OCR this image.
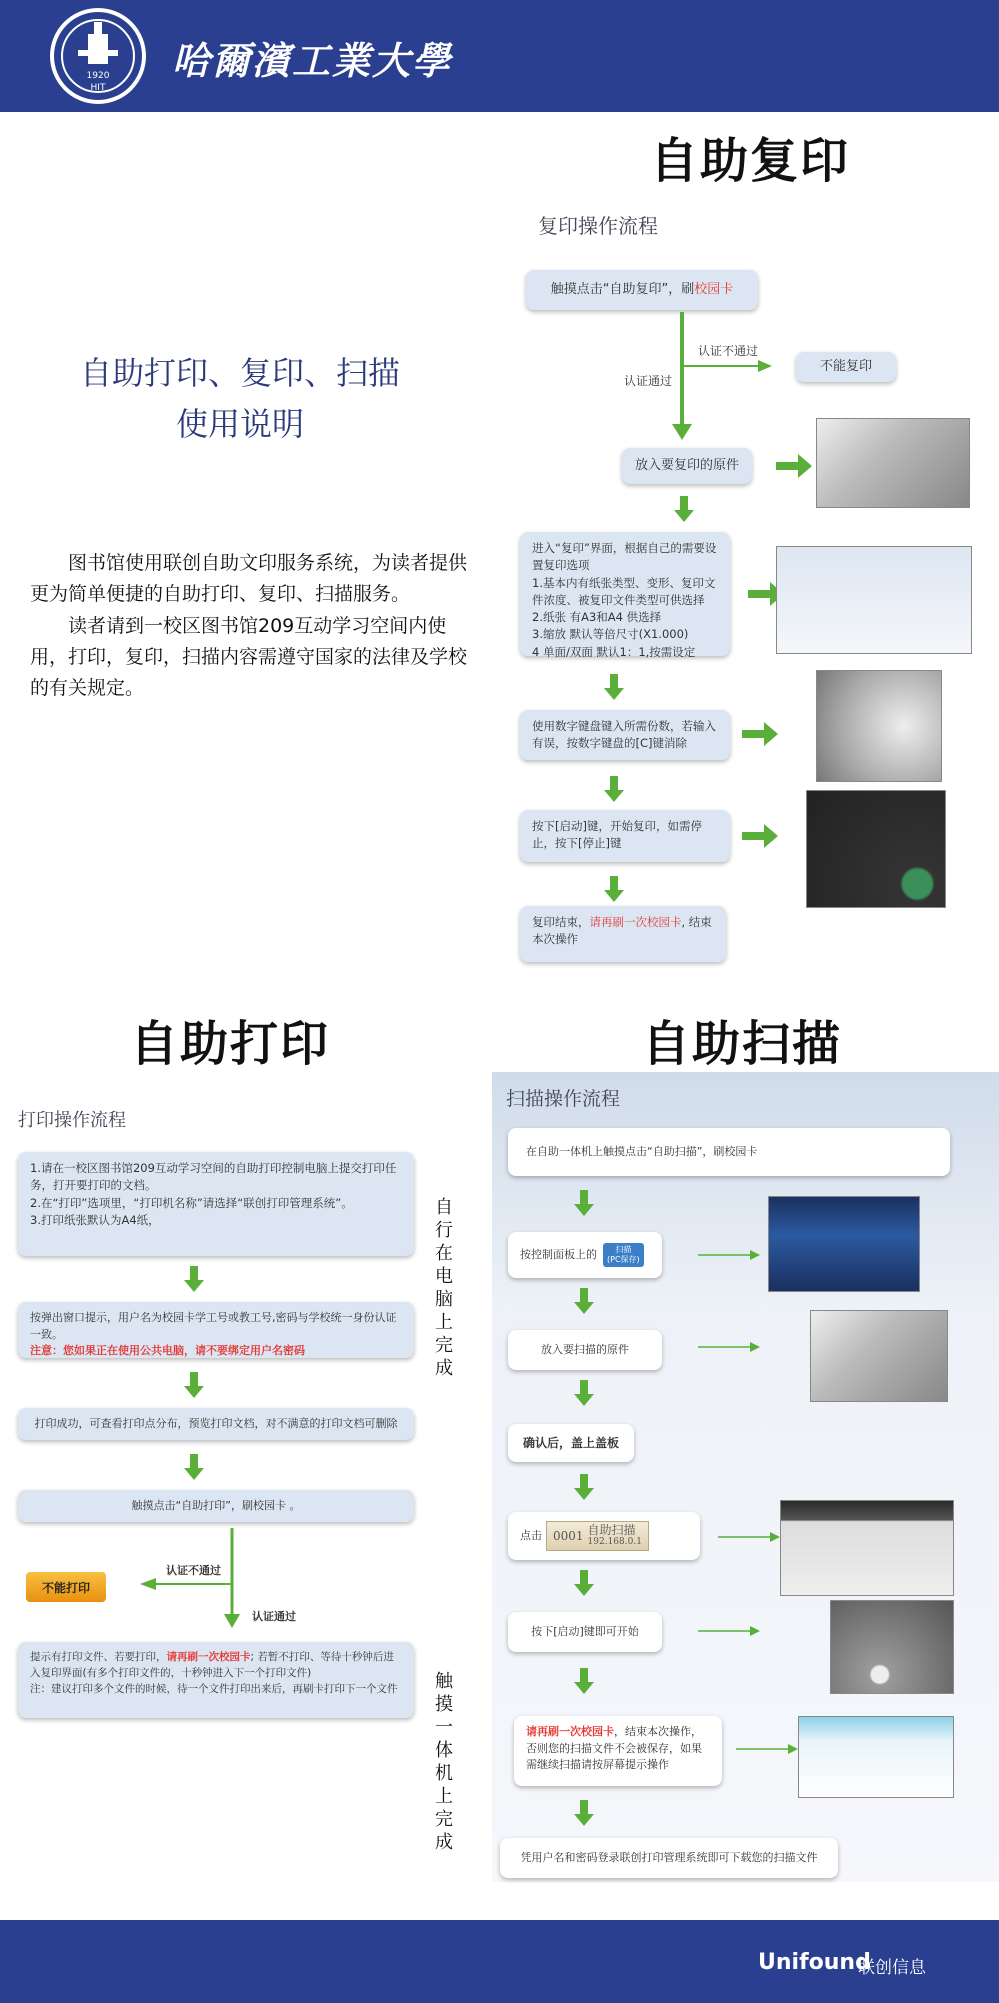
1920
HIT
哈爾濱工業大學
自助打印、复印、扫描
使用说明

图书馆使用联创自助文印服务系统，为读者提供更为简单便捷的自助打印、复印、扫描服务。

读者请到一校区图书馆209互动学习空间内使用，打印，复印，扫描内容需遵守国家的法律及学校的有关规定。

自助复印
复印操作流程
触摸点击“自助复印”，刷校园卡
认证不通过
认证通过
不能复印
放入要复印的原件
进入“复印”界面，根据自己的需要设置复印选项
1.基本内有纸张类型、变形、复印文件浓度、被复印文件类型可供选择
2.纸张 有A3和A4 供选择
3.缩放 默认等倍尺寸(X1.000)
4 单面/双面 默认1：1,按需设定
使用数字键盘键入所需份数，若输入有误，按数字键盘的[C]键消除
按下[启动]键，开始复印，如需停止，按下[停止]键
复印结束，请再刷一次校园卡, 结束本次操作
自助打印
打印操作流程
1.请在一校区图书馆209互动学习空间的自助打印控制电脑上提交打印任务，打开要打印的文档。
2.在“打印”选项里，“打印机名称”请选择“联创打印管理系统”。
3.打印纸张默认为A4纸，
自行在电脑上完成
按弹出窗口提示，用户名为校园卡学工号或教工号,密码与学校统一身份认证一致。
注意：您如果正在使用公共电脑，请不要绑定用户名密码
打印成功，可查看打印点分布，预览打印文档，对不满意的打印文档可删除
触摸点击“自助打印”，刷校园卡 。
认证不通过
认证通过
不能打印
提示有打印文件、若要打印，请再刷一次校园卡; 若暂不打印、等待十秒钟后进入复印界面(有多个打印文件的，十秒钟进入下一个打印文件)
注：建议打印多个文件的时候，待一个文件打印出来后，再刷卡打印下一个文件	触摸一体机上完成
自助扫描
扫描操作流程
在自助一体机上触摸点击“自助扫描”，刷校园卡
按控制面板上的	扫描
(PC保存)
放入要扫描的原件
确认后，盖上盖板
点击 0001 自助扫描
192.168.0.1
按下[启动]键即可开始
请再刷一次校园卡，结束本次操作，否则您的扫描文件不会被保存，如果需继续扫描请按屏幕提示操作
凭用户名和密码登录联创打印管理系统即可下载您的扫描文件
Unifound
联创信息
